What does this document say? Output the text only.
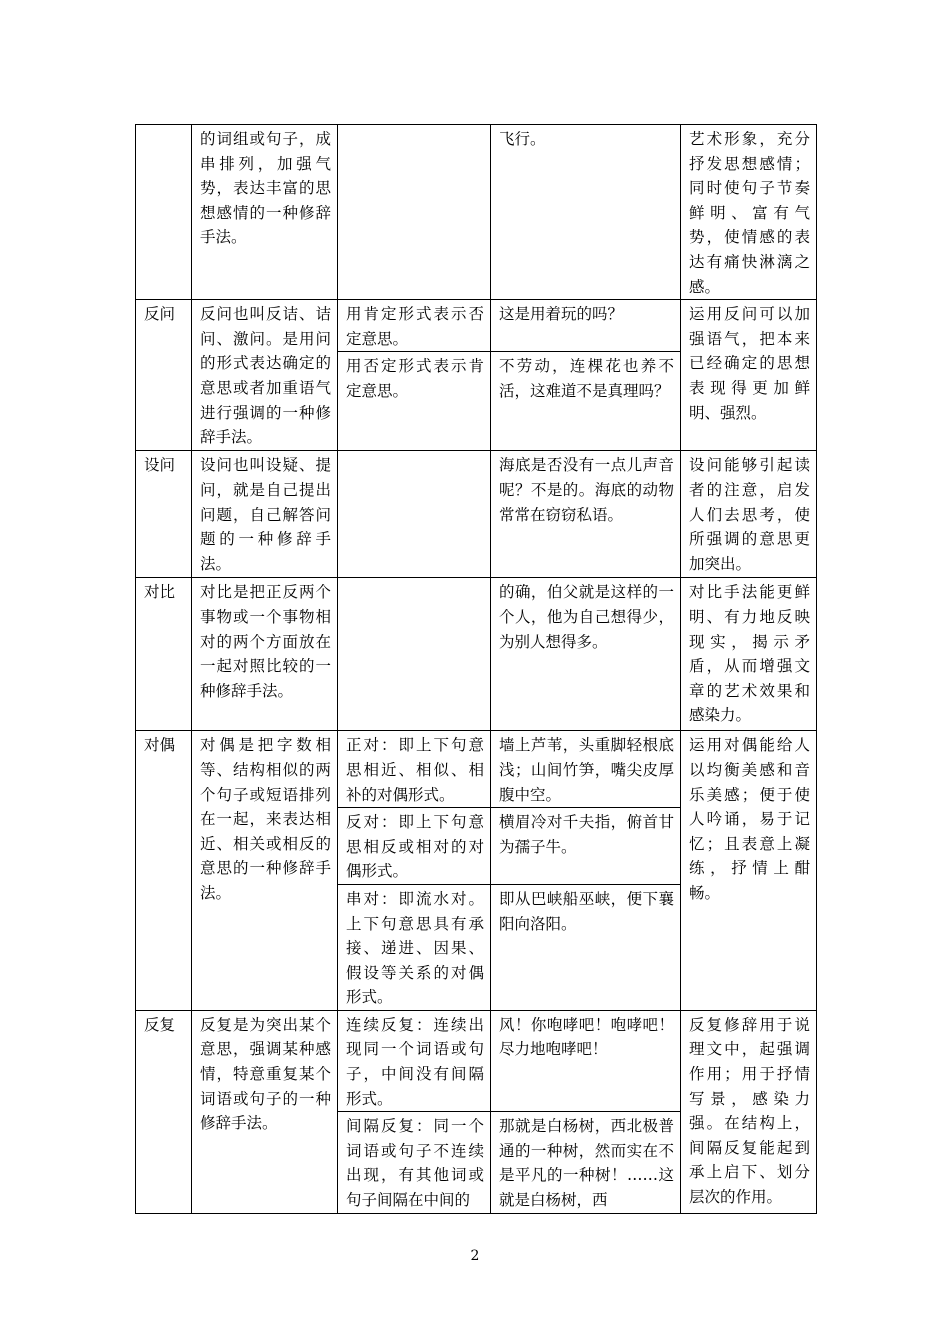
	的词组或句子，成串排列，加强气势，表达丰富的思想感情的一种修辞手法。		飞行。	艺术形象，充分抒发思想感情；同时使句子节奏鲜明、富有气势，使情感的表达有痛快淋漓之感。
反问	反问也叫反诘、诘问、激问。是用问的形式表达确定的意思或者加重语气进行强调的一种修辞手法。	用肯定形式表示否定意思。	这是用着玩的吗？	运用反问可以加强语气，把本来已经确定的思想表现得更加鲜明、强烈。
		用否定形式表示肯定意思。	不劳动，连棵花也养不活，这难道不是真理吗？	
设问	设问也叫设疑、提问，就是自己提出问题，自己解答问题的一种修辞手法。		海底是否没有一点儿声音呢？不是的。海底的动物常常在窃窃私语。	设问能够引起读者的注意，启发人们去思考，使所强调的意思更加突出。
对比	对比是把正反两个事物或一个事物相对的两个方面放在一起对照比较的一种修辞手法。		的确，伯父就是这样的一个人，他为自己想得少，为别人想得多。	对比手法能更鲜明、有力地反映现实，揭示矛盾，从而增强文章的艺术效果和感染力。
对偶	对偶是把字数相等、结构相似的两个句子或短语排列在一起，来表达相近、相关或相反的意思的一种修辞手法。	正对：即上下句意思相近、相似、相补的对偶形式。	墙上芦苇，头重脚轻根底浅；山间竹笋，嘴尖皮厚腹中空。	运用对偶能给人以均衡美感和音乐美感；便于使人吟诵，易于记忆；且表意上凝练，抒情上酣畅。
		反对：即上下句意思相反或相对的对偶形式。	横眉冷对千夫指，俯首甘为孺子牛。	
		串对：即流水对。上下句意思具有承接、递进、因果、假设等关系的对偶形式。	即从巴峡船巫峡，便下襄阳向洛阳。	
反复	反复是为突出某个意思，强调某种感情，特意重复某个词语或句子的一种修辞手法。	连续反复：连续出现同一个词语或句子，中间没有间隔形式。	风！你咆哮吧！咆哮吧！尽力地咆哮吧！	反复修辞用于说理文中，起强调作用；用于抒情写景，感染力强。在结构上，间隔反复能起到承上启下、划分层次的作用。
		间隔反复：同一个词语或句子不连续出现，有其他词或句子间隔在中间的	那就是白杨树，西北极普通的一种树，然而实在不是平凡的一种树！……这就是白杨树，西	
2
